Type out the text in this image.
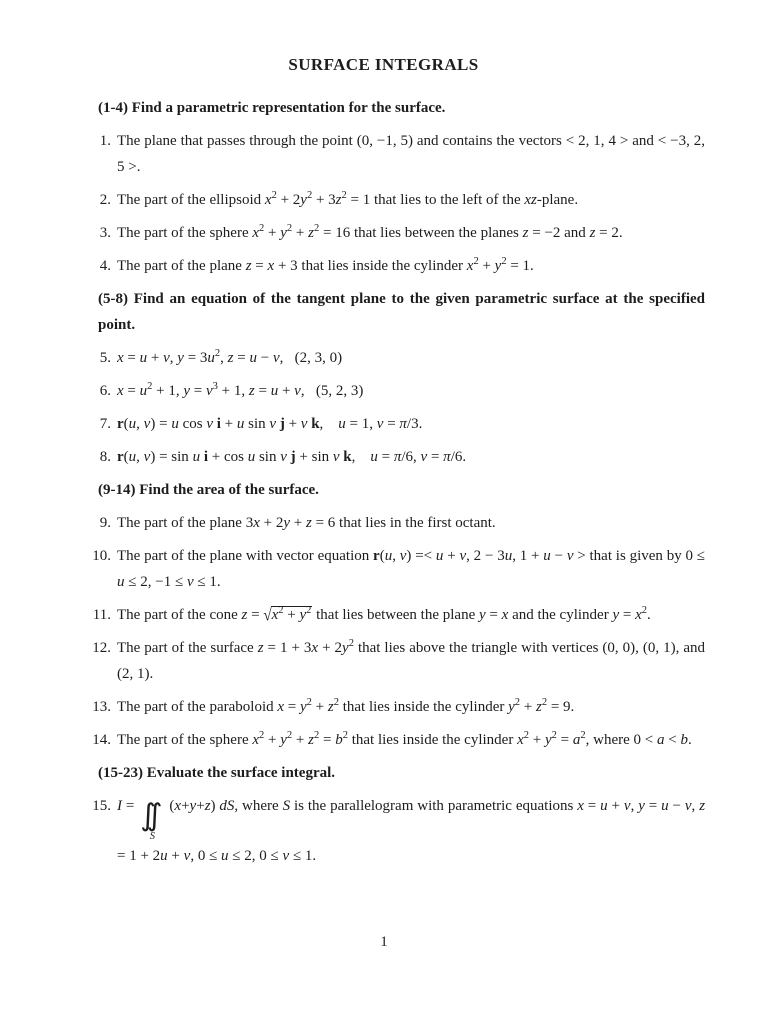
SURFACE INTEGRALS

(1-4) Find a parametric representation for the surface.

1. The plane that passes through the point (0, −1, 5) and contains the vectors < 2, 1, 4 > and < −3, 2, 5 >.
2. The part of the ellipsoid $x^2 + 2y^2 + 3z^2 = 1$ that lies to the left of the xz-plane.
3. The part of the sphere $x^2 + y^2 + z^2 = 16$ that lies between the planes z = −2 and z = 2.
4. The part of the plane z = x + 3 that lies inside the cylinder $x^2 + y^2 = 1$.

(5-8) Find an equation of the tangent plane to the given parametric surface at the specified point.

5. x = u + v, $y = 3u^2$, z = u − v,   (2, 3, 0)
6. $x = u^2 + 1$, $y = v^3 + 1$, z = u + v,   (5, 2, 3)
7. r(u, v) = u cos v i + u sin v j + v k,    u = 1, v = π/3.
8. r(u, v) = sin u i + cos u sin v j + sin v k,    u = π/6, v = π/6.

(9-14) Find the area of the surface.

9. The part of the plane 3x + 2y + z = 6 that lies in the first octant.
10. The part of the plane with vector equation r(u, v) =< u + v, 2 − 3u, 1 + u − v > that is given by 0 ≤ u ≤ 2, −1 ≤ v ≤ 1.
11. The part of the cone $z = √x^2 + y^2$ that lies between the plane y = x and the cylinder $y = x^2$.
12. The part of the surface $z = 1 + 3x + 2y^2$ that lies above the triangle with vertices (0, 0), (0, 1), and (2, 1).
13. The part of the paraboloid $x = y^2 + z^2$ that lies inside the cylinder $y^2 + z^2 = 9$.
14. The part of the sphere $x^2 + y^2 + z^2 = b^2$ that lies inside the cylinder $x^2 + y^2 = a^2$, where 0 < a < b.

(15-23) Evaluate the surface integral.

15. I = ∫∫
S
(x+y+z) dS, where S is the parallelogram with parametric equations x = u + v, y = u − v, z = 1 + 2u + v, 0 ≤ u ≤ 2, 0 ≤ v ≤ 1.
1
